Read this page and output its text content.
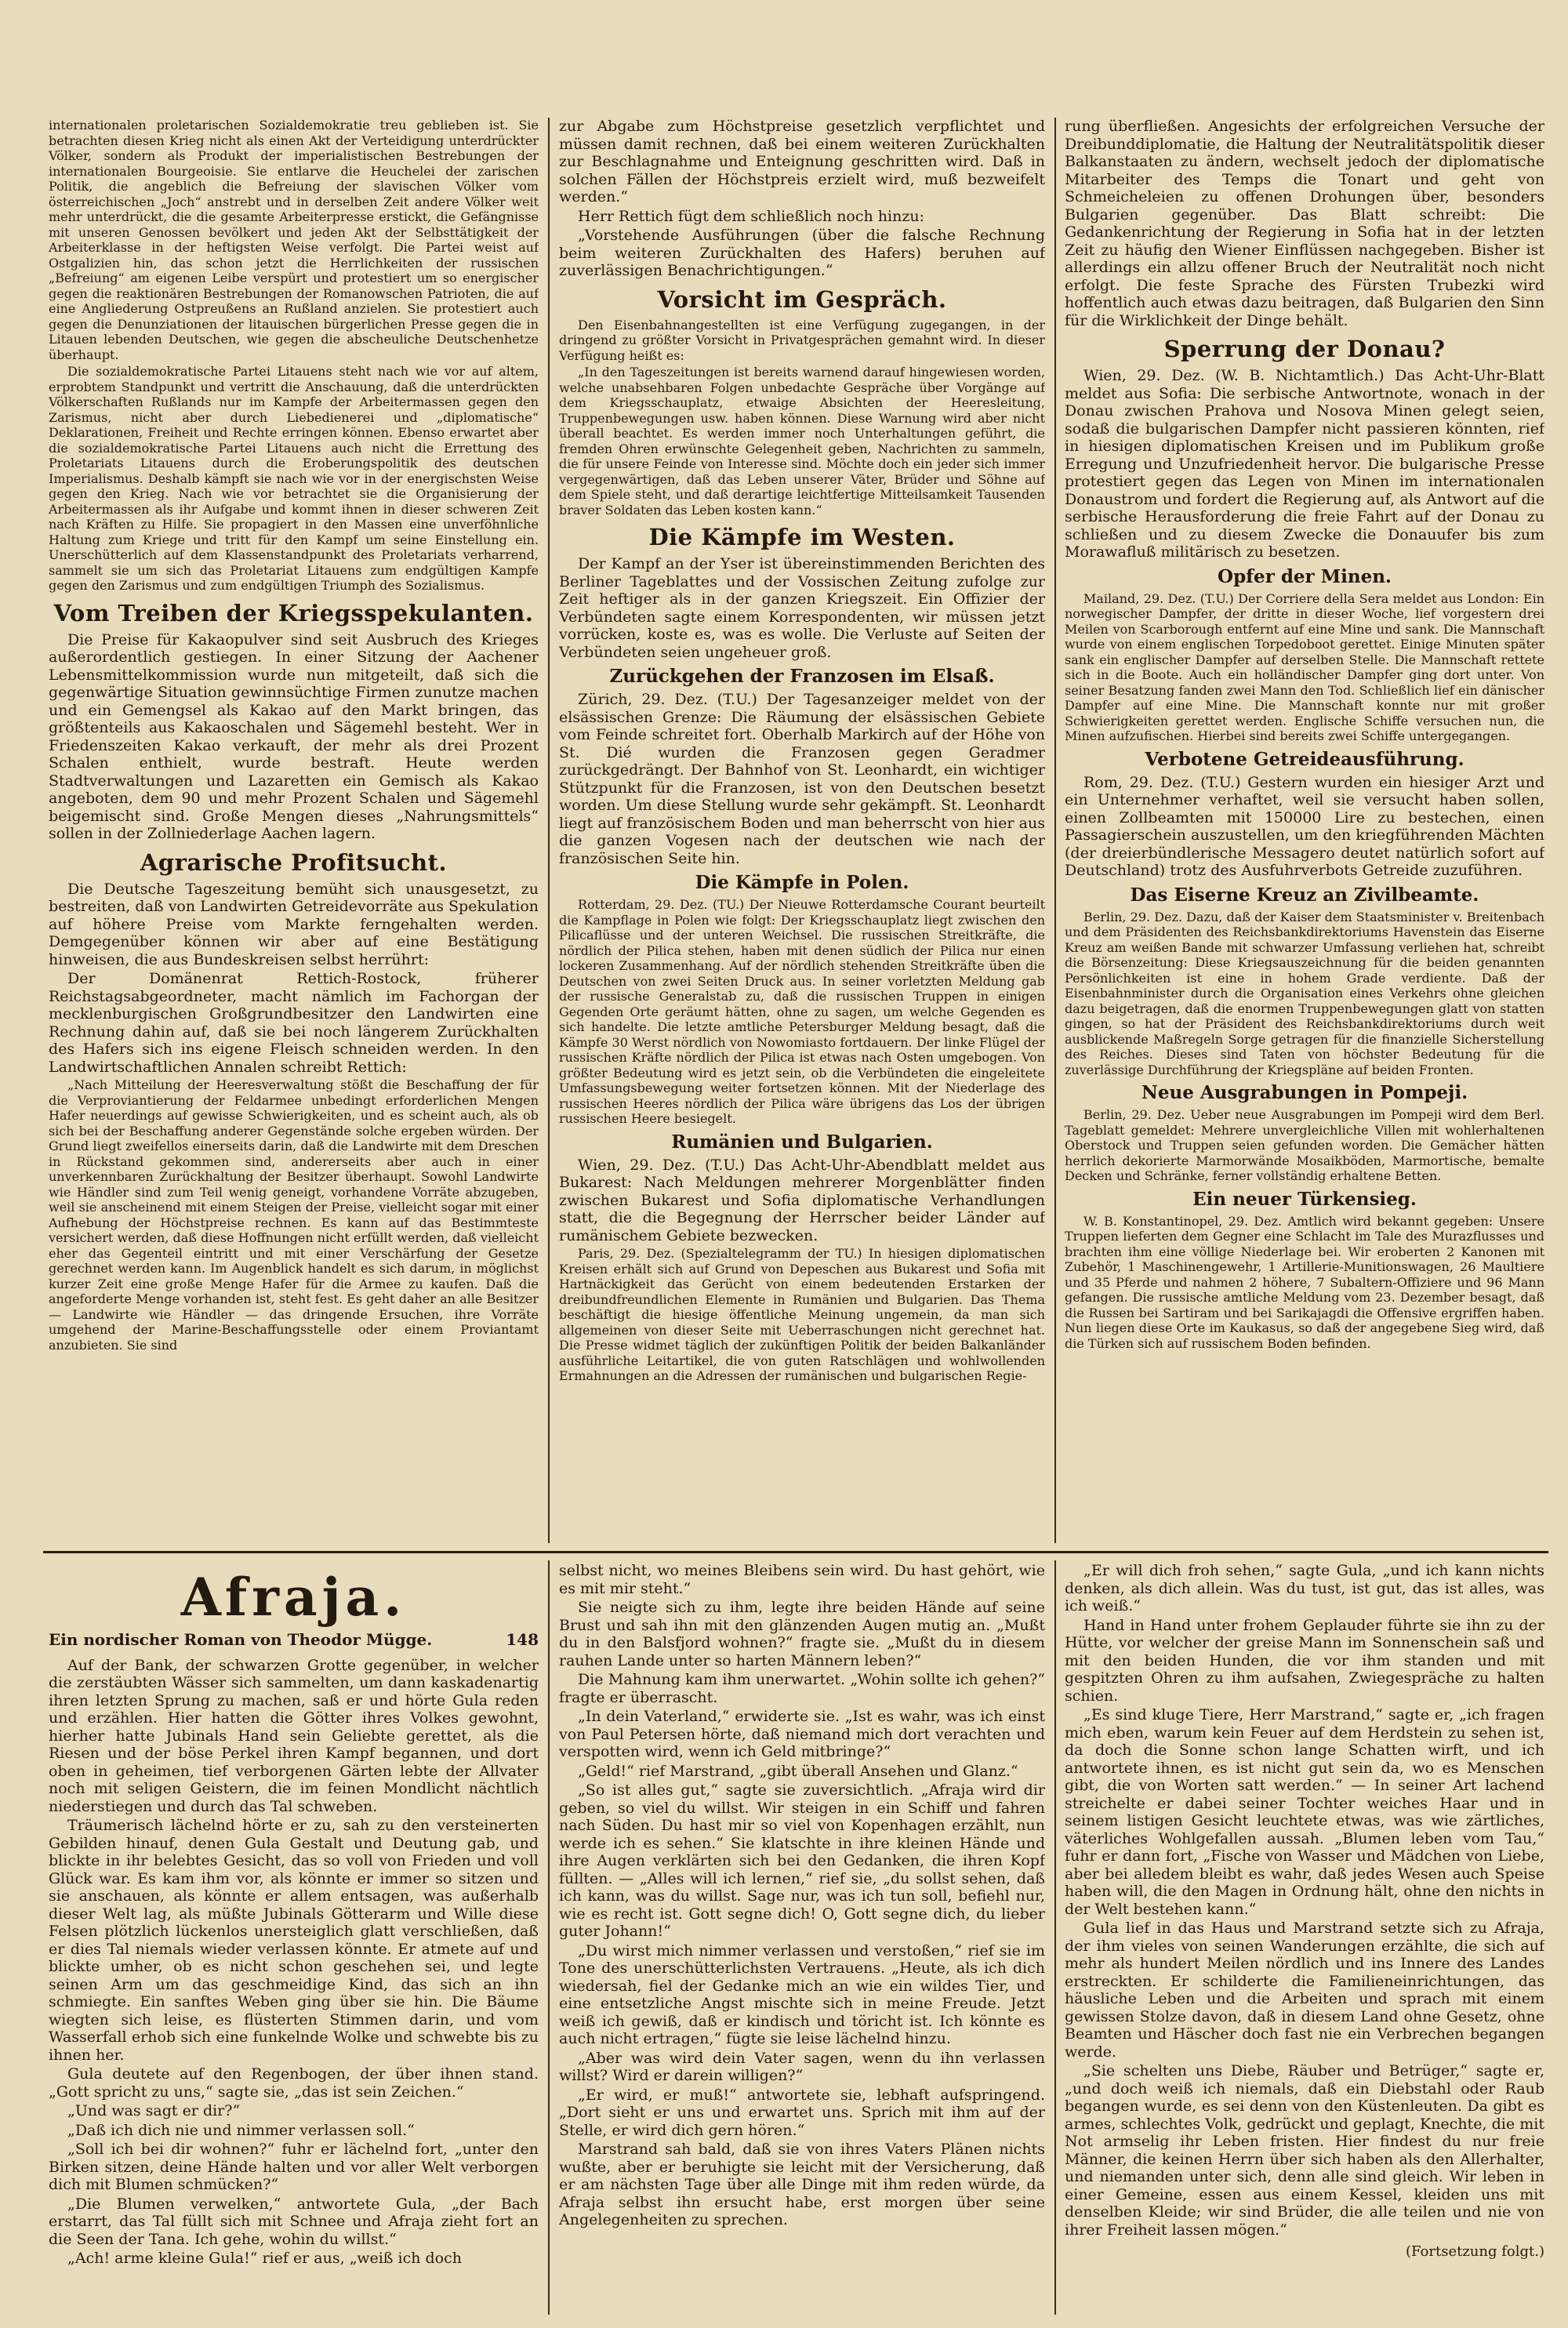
internationalen proletarischen Sozialdemokratie treu geblieben ist. Sie betrachten diesen Krieg nicht als einen Akt der Verteidigung unterdrückter Völker, sondern als Produkt der imperialistischen Bestrebungen der internationalen Bourgeoisie. Sie entlarve die Heuchelei der zarischen Politik, die angeblich die Befreiung der slavischen Völker vom österreichischen „Joch“ anstrebt und in derselben Zeit andere Völker weit mehr unterdrückt, die die gesamte Arbeiterpresse erstickt, die Gefängnisse mit unseren Genossen bevölkert und jeden Akt der Selbsttätigkeit der Arbeiterklasse in der heftigsten Weise verfolgt. Die Partei weist auf Ostgalizien hin, das schon jetzt die Herrlichkeiten der russischen „Befreiung“ am eigenen Leibe verspürt und protestiert um so energischer gegen die reaktionären Bestrebungen der Romanowschen Patrioten, die auf eine Angliederung Ostpreußens an Rußland anzielen. Sie protestiert auch gegen die Denunziationen der litauischen bürgerlichen Presse gegen die in Litauen lebenden Deutschen, wie gegen die abscheuliche Deutschenhetze überhaupt.

Die sozialdemokratische Partei Litauens steht nach wie vor auf altem, erprobtem Standpunkt und vertritt die Anschauung, daß die unterdrückten Völkerschaften Rußlands nur im Kampfe der Arbeitermassen gegen den Zarismus, nicht aber durch Liebedienerei und „diplomatische“ Deklarationen, Freiheit und Rechte erringen können. Ebenso erwartet aber die sozialdemokratische Partei Litauens auch nicht die Errettung des Proletariats Litauens durch die Eroberungspolitik des deutschen Imperialismus. Deshalb kämpft sie nach wie vor in der energischsten Weise gegen den Krieg. Nach wie vor betrachtet sie die Organisierung der Arbeitermassen als ihr Aufgabe und kommt ihnen in dieser schweren Zeit nach Kräften zu Hilfe. Sie propagiert in den Massen eine unverföhnliche Haltung zum Kriege und tritt für den Kampf um seine Einstellung ein. Unerschütterlich auf dem Klassenstandpunkt des Proletariats verharrend, sammelt sie um sich das Proletariat Litauens zum endgültigen Kampfe gegen den Zarismus und zum endgültigen Triumph des Sozialismus.

Vom Treiben der Kriegsspekulanten.

Die Preise für Kakaopulver sind seit Ausbruch des Krieges außerordentlich gestiegen. In einer Sitzung der Aachener Lebensmittelkommission wurde nun mitgeteilt, daß sich die gegenwärtige Situation gewinnsüchtige Firmen zunutze machen und ein Gemengsel als Kakao auf den Markt bringen, das größtenteils aus Kakaoschalen und Sägemehl besteht. Wer in Friedenszeiten Kakao verkauft, der mehr als drei Prozent Schalen enthielt, wurde bestraft. Heute werden Stadtverwaltungen und Lazaretten ein Gemisch als Kakao angeboten, dem 90 und mehr Prozent Schalen und Sägemehl beigemischt sind. Große Mengen dieses „Nahrungsmittels“ sollen in der Zollniederlage Aachen lagern.

Agrarische Profitsucht.

Die Deutsche Tageszeitung bemüht sich unausgesetzt, zu bestreiten, daß von Landwirten Getreidevorräte aus Spekulation auf höhere Preise vom Markte ferngehalten werden. Demgegenüber können wir aber auf eine Bestätigung hinweisen, die aus Bundeskreisen selbst herrührt:

Der Domänenrat Rettich-Rostock, früherer Reichstagsabgeordneter, macht nämlich im Fachorgan der mecklenburgischen Großgrundbesitzer den Landwirten eine Rechnung dahin auf, daß sie bei noch längerem Zurückhalten des Hafers sich ins eigene Fleisch schneiden werden. In den Landwirtschaftlichen Annalen schreibt Rettich:

„Nach Mitteilung der Heeresverwaltung stößt die Beschaffung der für die Verproviantierung der Feldarmee unbedingt erforderlichen Mengen Hafer neuerdings auf gewisse Schwierigkeiten, und es scheint auch, als ob sich bei der Beschaffung anderer Gegenstände solche ergeben würden. Der Grund liegt zweifellos einerseits darin, daß die Landwirte mit dem Dreschen in Rückstand gekommen sind, andererseits aber auch in einer unverkennbaren Zurückhaltung der Besitzer überhaupt. Sowohl Landwirte wie Händler sind zum Teil wenig geneigt, vorhandene Vorräte abzugeben, weil sie anscheinend mit einem Steigen der Preise, vielleicht sogar mit einer Aufhebung der Höchstpreise rechnen. Es kann auf das Bestimmteste versichert werden, daß diese Hoffnungen nicht erfüllt werden, daß vielleicht eher das Gegenteil eintritt und mit einer Verschärfung der Gesetze gerechnet werden kann. Im Augenblick handelt es sich darum, in möglichst kurzer Zeit eine große Menge Hafer für die Armee zu kaufen. Daß die angeforderte Menge vorhanden ist, steht fest. Es geht daher an alle Besitzer — Landwirte wie Händler — das dringende Ersuchen, ihre Vorräte umgehend der Marine-Beschaffungsstelle oder einem Proviantamt anzubieten. Sie sind

zur Abgabe zum Höchstpreise gesetzlich verpflichtet und müssen damit rechnen, daß bei einem weiteren Zurückhalten zur Beschlagnahme und Enteignung geschritten wird. Daß in solchen Fällen der Höchstpreis erzielt wird, muß bezweifelt werden.“

Herr Rettich fügt dem schließlich noch hinzu:

„Vorstehende Ausführungen (über die falsche Rechnung beim weiteren Zurückhalten des Hafers) beruhen auf zuverlässigen Benachrichtigungen.“

Vorsicht im Gespräch.

Den Eisenbahnangestellten ist eine Verfügung zugegangen, in der dringend zu größter Vorsicht in Privatgesprächen gemahnt wird. In dieser Verfügung heißt es:

„In den Tageszeitungen ist bereits warnend darauf hingewiesen worden, welche unabsehbaren Folgen unbedachte Gespräche über Vorgänge auf dem Kriegsschauplatz, etwaige Absichten der Heeresleitung, Truppenbewegungen usw. haben können. Diese Warnung wird aber nicht überall beachtet. Es werden immer noch Unterhaltungen geführt, die fremden Ohren erwünschte Gelegenheit geben, Nachrichten zu sammeln, die für unsere Feinde von Interesse sind. Möchte doch ein jeder sich immer vergegenwärtigen, daß das Leben unserer Väter, Brüder und Söhne auf dem Spiele steht, und daß derartige leichtfertige Mitteilsamkeit Tausenden braver Soldaten das Leben kosten kann.“

Die Kämpfe im Westen.

Der Kampf an der Yser ist übereinstimmenden Berichten des Berliner Tageblattes und der Vossischen Zeitung zufolge zur Zeit heftiger als in der ganzen Kriegszeit. Ein Offizier der Verbündeten sagte einem Korrespondenten, wir müssen jetzt vorrücken, koste es, was es wolle. Die Verluste auf Seiten der Verbündeten seien ungeheuer groß.

Zurückgehen der Franzosen im Elsaß.

Zürich, 29. Dez. (T.U.) Der Tagesanzeiger meldet von der elsässischen Grenze: Die Räumung der elsässischen Gebiete vom Feinde schreitet fort. Oberhalb Markirch auf der Höhe von St. Dié wurden die Franzosen gegen Geradmer zurückgedrängt. Der Bahnhof von St. Leonhardt, ein wichtiger Stützpunkt für die Franzosen, ist von den Deutschen besetzt worden. Um diese Stellung wurde sehr gekämpft. St. Leonhardt liegt auf französischem Boden und man beherrscht von hier aus die ganzen Vogesen nach der deutschen wie nach der französischen Seite hin.

Die Kämpfe in Polen.

Rotterdam, 29. Dez. (TU.) Der Nieuwe Rotterdamsche Courant beurteilt die Kampflage in Polen wie folgt: Der Kriegsschauplatz liegt zwischen den Pilicaflüsse und der unteren Weichsel. Die russischen Streitkräfte, die nördlich der Pilica stehen, haben mit denen südlich der Pilica nur einen lockeren Zusammenhang. Auf der nördlich stehenden Streitkräfte üben die Deutschen von zwei Seiten Druck aus. In seiner vorletzten Meldung gab der russische Generalstab zu, daß die russischen Truppen in einigen Gegenden Orte geräumt hätten, ohne zu sagen, um welche Gegenden es sich handelte. Die letzte amtliche Petersburger Meldung besagt, daß die Kämpfe 30 Werst nördlich von Nowomiasto fortdauern. Der linke Flügel der russischen Kräfte nördlich der Pilica ist etwas nach Osten umgebogen. Von größter Bedeutung wird es jetzt sein, ob die Verbündeten die eingeleitete Umfassungsbewegung weiter fortsetzen können. Mit der Niederlage des russischen Heeres nördlich der Pilica wäre übrigens das Los der übrigen russischen Heere besiegelt.

Rumänien und Bulgarien.

Wien, 29. Dez. (T.U.) Das Acht-Uhr-Abendblatt meldet aus Bukarest: Nach Meldungen mehrerer Morgenblätter finden zwischen Bukarest und Sofia diplomatische Verhandlungen statt, die die Begegnung der Herrscher beider Länder auf rumänischem Gebiete bezwecken.

Paris, 29. Dez. (Spezialtelegramm der TU.) In hiesigen diplomatischen Kreisen erhält sich auf Grund von Depeschen aus Bukarest und Sofia mit Hartnäckigkeit das Gerücht von einem bedeutenden Erstarken der dreibundfreundlichen Elemente in Rumänien und Bulgarien. Das Thema beschäftigt die hiesige öffentliche Meinung ungemein, da man sich allgemeinen von dieser Seite mit Ueberraschungen nicht gerechnet hat. Die Presse widmet täglich der zukünftigen Politik der beiden Balkanländer ausführliche Leitartikel, die von guten Ratschlägen und wohlwollenden Ermahnungen an die Adressen der rumänischen und bulgarischen Regie-

rung überfließen. Angesichts der erfolgreichen Versuche der Dreibunddiplomatie, die Haltung der Neutralitätspolitik dieser Balkanstaaten zu ändern, wechselt jedoch der diplomatische Mitarbeiter des Temps die Tonart und geht von Schmeicheleien zu offenen Drohungen über, besonders Bulgarien gegenüber. Das Blatt schreibt: Die Gedankenrichtung der Regierung in Sofia hat in der letzten Zeit zu häufig den Wiener Einflüssen nachgegeben. Bisher ist allerdings ein allzu offener Bruch der Neutralität noch nicht erfolgt. Die feste Sprache des Fürsten Trubezki wird hoffentlich auch etwas dazu beitragen, daß Bulgarien den Sinn für die Wirklichkeit der Dinge behält.

Sperrung der Donau?

Wien, 29. Dez. (W. B. Nichtamtlich.) Das Acht-Uhr-Blatt meldet aus Sofia: Die serbische Antwortnote, wonach in der Donau zwischen Prahova und Nosova Minen gelegt seien, sodaß die bulgarischen Dampfer nicht passieren könnten, rief in hiesigen diplomatischen Kreisen und im Publikum große Erregung und Unzufriedenheit hervor. Die bulgarische Presse protestiert gegen das Legen von Minen im internationalen Donaustrom und fordert die Regierung auf, als Antwort auf die serbische Herausforderung die freie Fahrt auf der Donau zu schließen und zu diesem Zwecke die Donauufer bis zum Morawafluß militärisch zu besetzen.

Opfer der Minen.

Mailand, 29. Dez. (T.U.) Der Corriere della Sera meldet aus London: Ein norwegischer Dampfer, der dritte in dieser Woche, lief vorgestern drei Meilen von Scarborough entfernt auf eine Mine und sank. Die Mannschaft wurde von einem englischen Torpedoboot gerettet. Einige Minuten später sank ein englischer Dampfer auf derselben Stelle. Die Mannschaft rettete sich in die Boote. Auch ein holländischer Dampfer ging dort unter. Von seiner Besatzung fanden zwei Mann den Tod. Schließlich lief ein dänischer Dampfer auf eine Mine. Die Mannschaft konnte nur mit großer Schwierigkeiten gerettet werden. Englische Schiffe versuchen nun, die Minen aufzufischen. Hierbei sind bereits zwei Schiffe untergegangen.

Verbotene Getreideausführung.

Rom, 29. Dez. (T.U.) Gestern wurden ein hiesiger Arzt und ein Unternehmer verhaftet, weil sie versucht haben sollen, einen Zollbeamten mit 150000 Lire zu bestechen, einen Passagierschein auszustellen, um den kriegführenden Mächten (der dreierbündlerische Messagero deutet natürlich sofort auf Deutschland) trotz des Ausfuhrverbots Getreide zuzuführen.

Das Eiserne Kreuz an Zivilbeamte.

Berlin, 29. Dez. Dazu, daß der Kaiser dem Staatsminister v. Breitenbach und dem Präsidenten des Reichsbankdirektoriums Havenstein das Eiserne Kreuz am weißen Bande mit schwarzer Umfassung verliehen hat, schreibt die Börsenzeitung: Diese Kriegsauszeichnung für die beiden genannten Persönlichkeiten ist eine in hohem Grade verdiente. Daß der Eisenbahnminister durch die Organisation eines Verkehrs ohne gleichen dazu beigetragen, daß die enormen Truppenbewegungen glatt von statten gingen, so hat der Präsident des Reichsbankdirektoriums durch weit ausblickende Maßregeln Sorge getragen für die finanzielle Sicherstellung des Reiches. Dieses sind Taten von höchster Bedeutung für die zuverlässige Durchführung der Kriegspläne auf beiden Fronten.

Neue Ausgrabungen in Pompeji.

Berlin, 29. Dez. Ueber neue Ausgrabungen im Pompeji wird dem Berl. Tageblatt gemeldet: Mehrere unvergleichliche Villen mit wohlerhaltenen Oberstock und Truppen seien gefunden worden. Die Gemächer hätten herrlich dekorierte Marmorwände Mosaikböden, Marmortische, bemalte Decken und Schränke, ferner vollständig erhaltene Betten.

Ein neuer Türkensieg.

W. B. Konstantinopel, 29. Dez. Amtlich wird bekannt gegeben: Unsere Truppen lieferten dem Gegner eine Schlacht im Tale des Murazflusses und brachten ihm eine völlige Niederlage bei. Wir eroberten 2 Kanonen mit Zubehör, 1 Maschinengewehr, 1 Artillerie-Munitionswagen, 26 Maultiere und 35 Pferde und nahmen 2 höhere, 7 Subaltern-Offiziere und 96 Mann gefangen. Die russische amtliche Meldung vom 23. Dezember besagt, daß die Russen bei Sartiram und bei Sarikajagdi die Offensive ergriffen haben. Nun liegen diese Orte im Kaukasus, so daß der angegebene Sieg wird, daß die Türken sich auf russischem Boden befinden.

Afraja.
Ein nordischer Roman von Theodor Mügge.	148

Auf der Bank, der schwarzen Grotte gegenüber, in welcher die zerstäubten Wässer sich sammelten, um dann kaskadenartig ihren letzten Sprung zu machen, saß er und hörte Gula reden und erzählen. Hier hatten die Götter ihres Volkes gewohnt, hierher hatte Jubinals Hand sein Geliebte gerettet, als die Riesen und der böse Perkel ihren Kampf begannen, und dort oben in geheimen, tief verborgenen Gärten lebte der Allvater noch mit seligen Geistern, die im feinen Mondlicht nächtlich niederstiegen und durch das Tal schweben.

Träumerisch lächelnd hörte er zu, sah zu den versteinerten Gebilden hinauf, denen Gula Gestalt und Deutung gab, und blickte in ihr belebtes Gesicht, das so voll von Frieden und voll Glück war. Es kam ihm vor, als könnte er immer so sitzen und sie anschauen, als könnte er allem entsagen, was außerhalb dieser Welt lag, als müßte Jubinals Götterarm und Wille diese Felsen plötzlich lückenlos unersteiglich glatt verschließen, daß er dies Tal niemals wieder verlassen könnte. Er atmete auf und blickte umher, ob es nicht schon geschehen sei, und legte seinen Arm um das geschmeidige Kind, das sich an ihn schmiegte. Ein sanftes Weben ging über sie hin. Die Bäume wiegten sich leise, es flüsterten Stimmen darin, und vom Wasserfall erhob sich eine funkelnde Wolke und schwebte bis zu ihnen her.

Gula deutete auf den Regenbogen, der über ihnen stand. „Gott spricht zu uns,“ sagte sie, „das ist sein Zeichen.“

„Und was sagt er dir?“

„Daß ich dich nie und nimmer verlassen soll.“

„Soll ich bei dir wohnen?“ fuhr er lächelnd fort, „unter den Birken sitzen, deine Hände halten und vor aller Welt verborgen dich mit Blumen schmücken?“

„Die Blumen verwelken,“ antwortete Gula, „der Bach erstarrt, das Tal füllt sich mit Schnee und Afraja zieht fort an die Seen der Tana. Ich gehe, wohin du willst.“

„Ach! arme kleine Gula!“ rief er aus, „weiß ich doch

selbst nicht, wo meines Bleibens sein wird. Du hast gehört, wie es mit mir steht.“

Sie neigte sich zu ihm, legte ihre beiden Hände auf seine Brust und sah ihn mit den glänzenden Augen mutig an. „Mußt du in den Balsfjord wohnen?“ fragte sie. „Mußt du in diesem rauhen Lande unter so harten Männern leben?“

Die Mahnung kam ihm unerwartet. „Wohin sollte ich gehen?“ fragte er überrascht.

„In dein Vaterland,“ erwiderte sie. „Ist es wahr, was ich einst von Paul Petersen hörte, daß niemand mich dort verachten und verspotten wird, wenn ich Geld mitbringe?“

„Geld!“ rief Marstrand, „gibt überall Ansehen und Glanz.“

„So ist alles gut,“ sagte sie zuversichtlich. „Afraja wird dir geben, so viel du willst. Wir steigen in ein Schiff und fahren nach Süden. Du hast mir so viel von Kopenhagen erzählt, nun werde ich es sehen.“ Sie klatschte in ihre kleinen Hände und ihre Augen verklärten sich bei den Gedanken, die ihren Kopf füllten. — „Alles will ich lernen,“ rief sie, „du sollst sehen, daß ich kann, was du willst. Sage nur, was ich tun soll, befiehl nur, wie es recht ist. Gott segne dich! O, Gott segne dich, du lieber guter Johann!“

„Du wirst mich nimmer verlassen und verstoßen,“ rief sie im Tone des unerschütterlichsten Vertrauens. „Heute, als ich dich wiedersah, fiel der Gedanke mich an wie ein wildes Tier, und eine entsetzliche Angst mischte sich in meine Freude. Jetzt weiß ich gewiß, daß er kindisch und töricht ist. Ich könnte es auch nicht ertragen,“ fügte sie leise lächelnd hinzu.

„Aber was wird dein Vater sagen, wenn du ihn verlassen willst? Wird er darein willigen?“

„Er wird, er muß!“ antwortete sie, lebhaft aufspringend. „Dort sieht er uns und erwartet uns. Sprich mit ihm auf der Stelle, er wird dich gern hören.“

Marstrand sah bald, daß sie von ihres Vaters Plänen nichts wußte, aber er beruhigte sie leicht mit der Versicherung, daß er am nächsten Tage über alle Dinge mit ihm reden würde, da Afraja selbst ihn ersucht habe, erst morgen über seine Angelegenheiten zu sprechen.

„Er will dich froh sehen,“ sagte Gula, „und ich kann nichts denken, als dich allein. Was du tust, ist gut, das ist alles, was ich weiß.“

Hand in Hand unter frohem Geplauder führte sie ihn zu der Hütte, vor welcher der greise Mann im Sonnenschein saß und mit den beiden Hunden, die vor ihm standen und mit gespitzten Ohren zu ihm aufsahen, Zwiegespräche zu halten schien.

„Es sind kluge Tiere, Herr Marstrand,“ sagte er, „ich fragen mich eben, warum kein Feuer auf dem Herdstein zu sehen ist, da doch die Sonne schon lange Schatten wirft, und ich antwortete ihnen, es ist nicht gut sein da, wo es Menschen gibt, die von Worten satt werden.“ — In seiner Art lachend streichelte er dabei seiner Tochter weiches Haar und in seinem listigen Gesicht leuchtete etwas, was wie zärtliches, väterliches Wohlgefallen aussah. „Blumen leben vom Tau,“ fuhr er dann fort, „Fische von Wasser und Mädchen von Liebe, aber bei alledem bleibt es wahr, daß jedes Wesen auch Speise haben will, die den Magen in Ordnung hält, ohne den nichts in der Welt bestehen kann.“

Gula lief in das Haus und Marstrand setzte sich zu Afraja, der ihm vieles von seinen Wanderungen erzählte, die sich auf mehr als hundert Meilen nördlich und ins Innere des Landes erstreckten. Er schilderte die Familieneinrichtungen, das häusliche Leben und die Arbeiten und sprach mit einem gewissen Stolze davon, daß in diesem Land ohne Gesetz, ohne Beamten und Häscher doch fast nie ein Verbrechen begangen werde.

„Sie schelten uns Diebe, Räuber und Betrüger,“ sagte er, „und doch weiß ich niemals, daß ein Diebstahl oder Raub begangen wurde, es sei denn von den Küstenleuten. Da gibt es armes, schlechtes Volk, gedrückt und geplagt, Knechte, die mit Not armselig ihr Leben fristen. Hier findest du nur freie Männer, die keinen Herrn über sich haben als den Allerhalter, und niemanden unter sich, denn alle sind gleich. Wir leben in einer Gemeine, essen aus einem Kessel, kleiden uns mit denselben Kleide; wir sind Brüder, die alle teilen und nie von ihrer Freiheit lassen mögen.“

(Fortsetzung folgt.)
